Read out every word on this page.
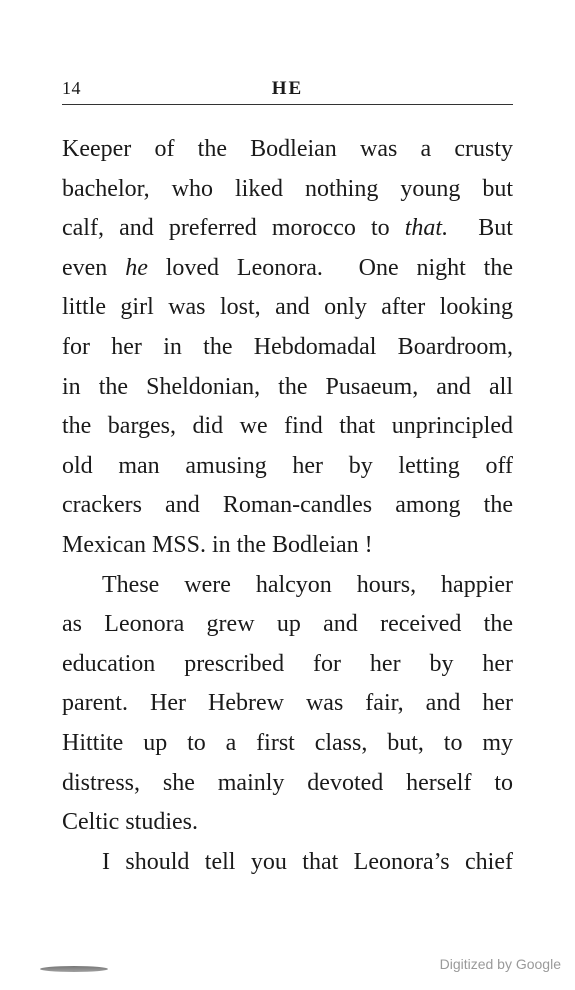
14	HE
Keeper of the Bodleian was a crusty
bachelor, who liked nothing young but
calf, and preferred morocco to that.  But
even he loved Leonora.  One night the
little girl was lost, and only after looking
for her in the Hebdomadal Boardroom,
in the Sheldonian, the Pusaeum, and all
the barges, did we find that unprincipled
old man amusing her by letting off
crackers and Roman-candles among the
Mexican MSS. in the Bodleian !
These were halcyon hours, happier
as Leonora grew up and received the
education prescribed for her by her
parent. Her Hebrew was fair, and her
Hittite up to a first class, but, to my
distress, she mainly devoted herself to
Celtic studies.
I should tell you that Leonora’s chief
Digitized by Google
